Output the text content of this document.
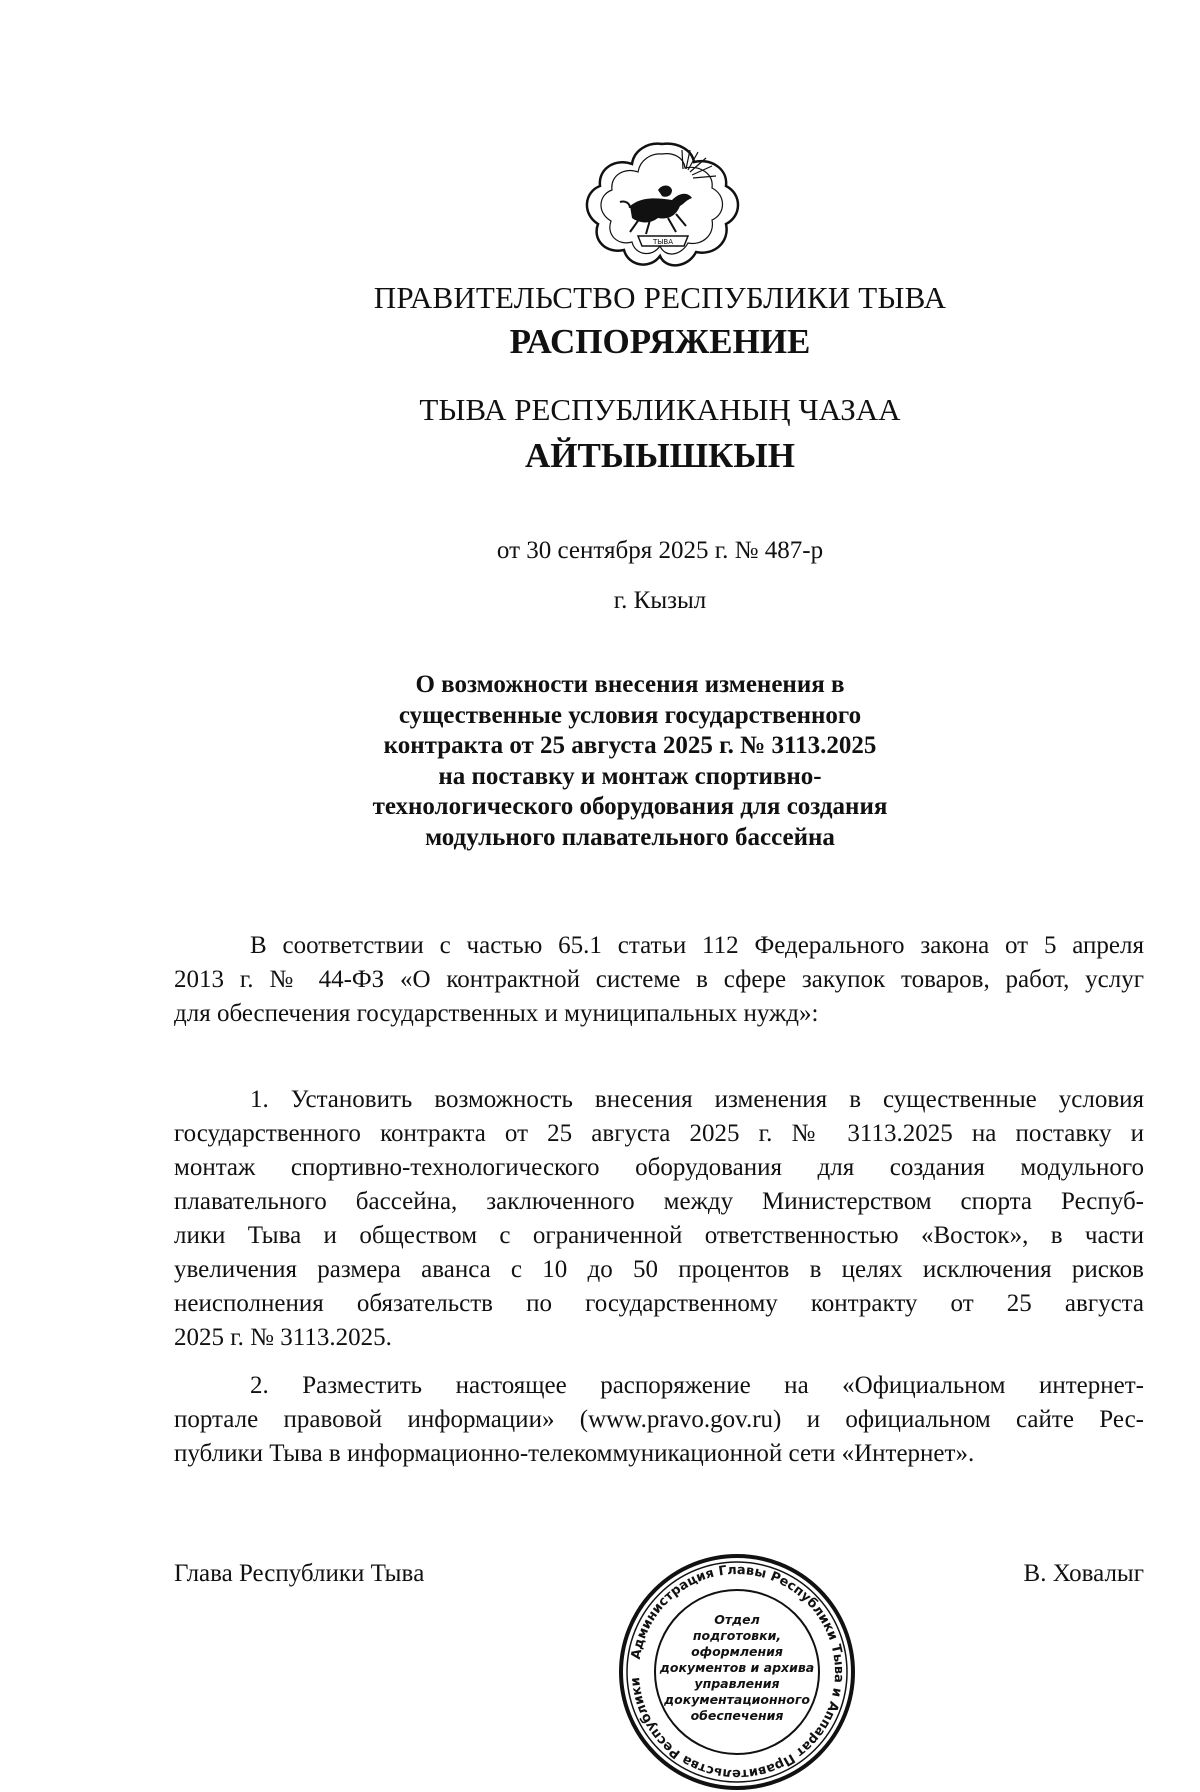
ТЫВА
ПРАВИТЕЛЬСТВО РЕСПУБЛИКИ ТЫВА
РАСПОРЯЖЕНИЕ
ТЫВА РЕСПУБЛИКАНЫҢ ЧАЗАА
АЙТЫЫШКЫН
от 30 сентября 2025 г. № 487-р
г. Кызыл
О возможности внесения изменения в
существенные условия государственного
контракта от 25 августа 2025 г. № 3113.2025
на поставку и монтаж спортивно-
технологического оборудования для создания
модульного плавательного бассейна
В соответствии с частью 65.1 статьи 112 Федерального закона от 5 апреля
2013 г. № 44-ФЗ «О контрактной системе в сфере закупок товаров, работ, услуг
для обеспечения государственных и муниципальных нужд»:
1. Установить возможность внесения изменения в существенные условия
государственного контракта от 25 августа 2025 г. № 3113.2025 на поставку и
монтаж спортивно-технологического оборудования для создания модульного
плавательного бассейна, заключенного между Министерством спорта Респуб-
лики Тыва и обществом с ограниченной ответственностью «Восток», в части
увеличения размера аванса с 10 до 50 процентов в целях исключения рисков
неисполнения обязательств по государственному контракту от 25 августа
2025 г. № 3113.2025.
2. Разместить настоящее распоряжение на «Официальном интернет-
портале правовой информации» (www.pravo.gov.ru) и официальном сайте Рес-
публики Тыва в информационно-телекоммуникационной сети «Интернет».
Глава Республики Тывa	В. Ховалыг
Администрация Главы Республики Тыва и Аппарат Правительства Республики
Отдел
подготовки,
оформления
документов и архива
управления
документационного
обеспечения
